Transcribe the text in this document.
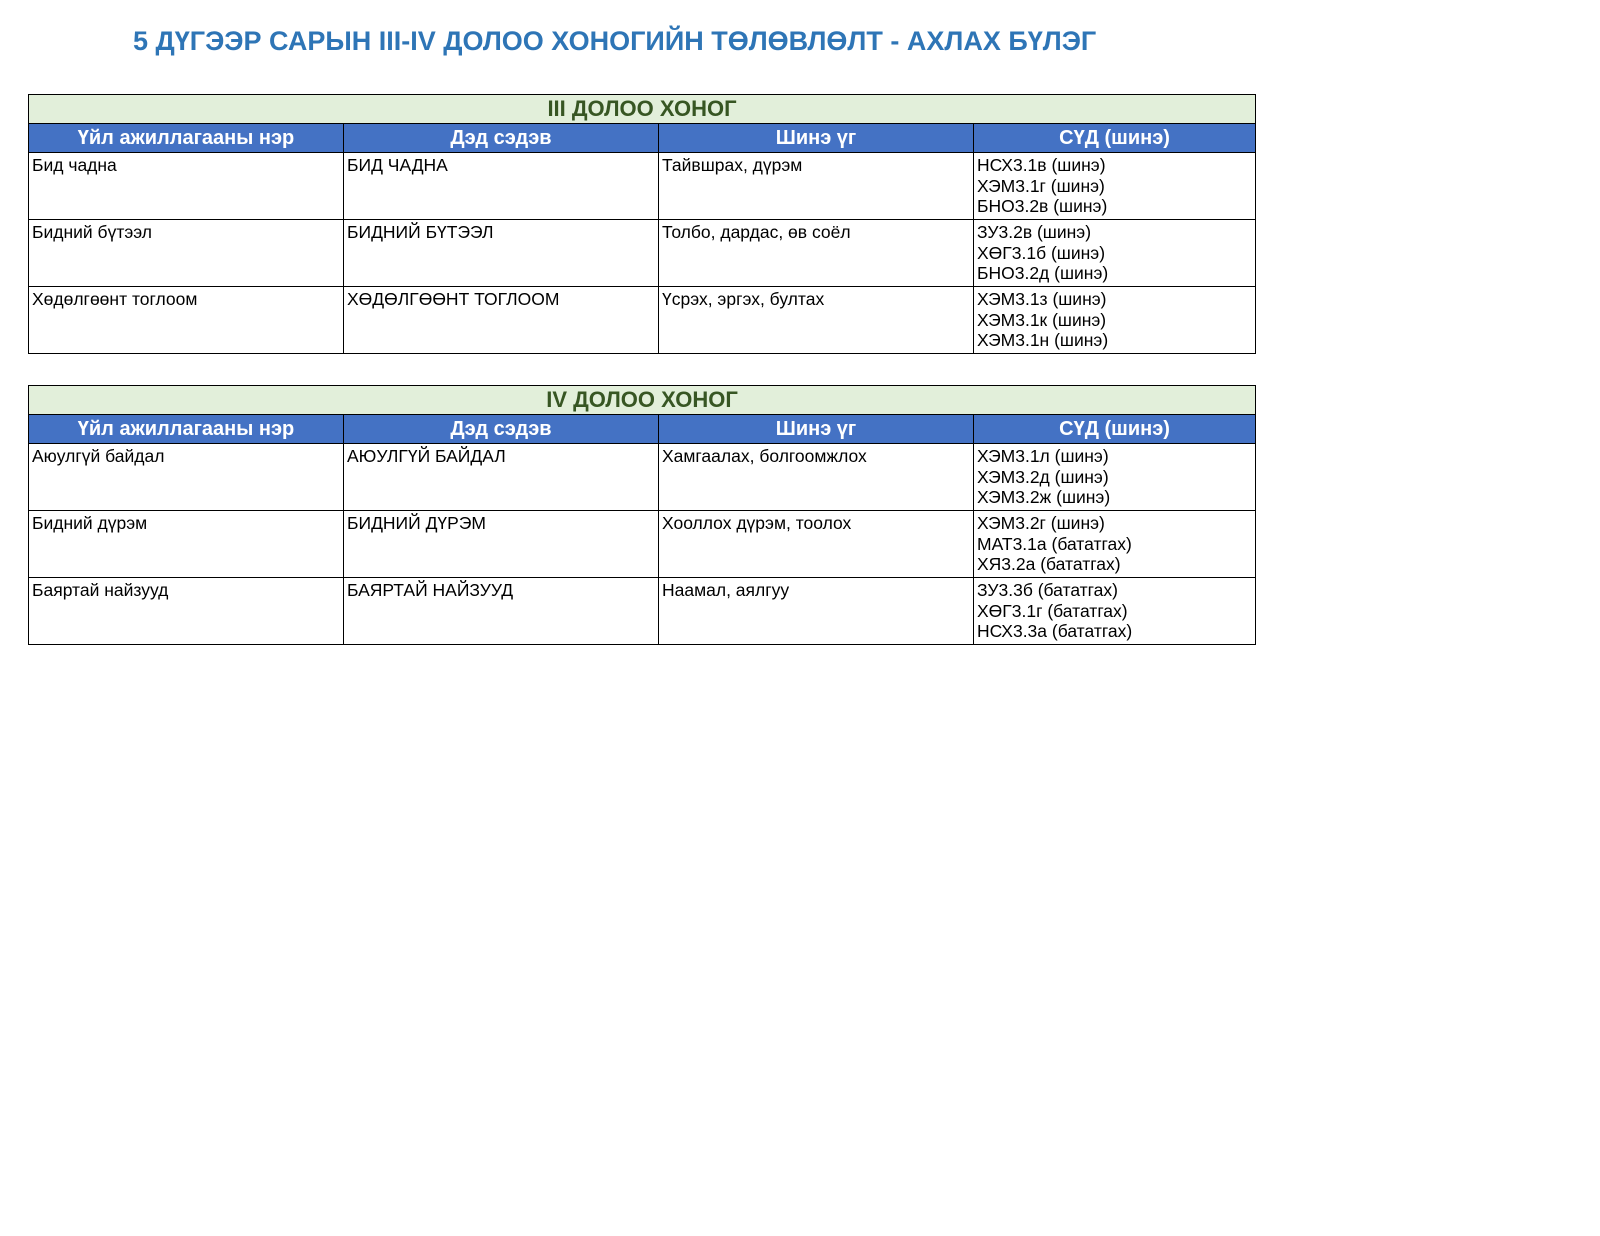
5 ДҮГЭЭР САРЫН III-IV ДОЛОО ХОНОГИЙН ТӨЛӨВЛӨЛТ - АХЛАХ БҮЛЭГ
III ДОЛОО ХОНОГ			
Үйл ажиллагааны нэр	Дэд сэдэв	Шинэ үг	СҮД (шинэ)
Бид чадна	БИД ЧАДНА	Тайвшрах, дүрэм	НСХ3.1в (шинэ)
ХЭМ3.1г (шинэ)
БНО3.2в (шинэ)

Бидний бүтээл	БИДНИЙ БҮТЭЭЛ	Толбо, дардас, өв соёл	ЗУ3.2в (шинэ)
ХӨГ3.1б (шинэ)
БНО3.2д (шинэ)

Хөдөлгөөнт тоглоом	ХӨДӨЛГӨӨНТ ТОГЛООМ	Үсрэх, эргэх, бултах	ХЭМ3.1з (шинэ)
ХЭМ3.1к (шинэ)
ХЭМ3.1н (шинэ)
IV ДОЛОО ХОНОГ			
Үйл ажиллагааны нэр	Дэд сэдэв	Шинэ үг	СҮД (шинэ)
Аюулгүй байдал	АЮУЛГҮЙ БАЙДАЛ	Хамгаалах, болгоомжлох	ХЭМ3.1л (шинэ)
ХЭМ3.2д (шинэ)
ХЭМ3.2ж (шинэ)

Бидний дүрэм	БИДНИЙ ДҮРЭМ	Хооллох дүрэм, тоолох	ХЭМ3.2г (шинэ)
МАТ3.1а (бататгах)
ХЯ3.2а (бататгах)

Баяртай найзууд	БАЯРТАЙ НАЙЗУУД	Наамал, аялгуу	ЗУ3.3б (бататгах)
ХӨГ3.1г (бататгах)
НСХ3.3а (бататгах)
